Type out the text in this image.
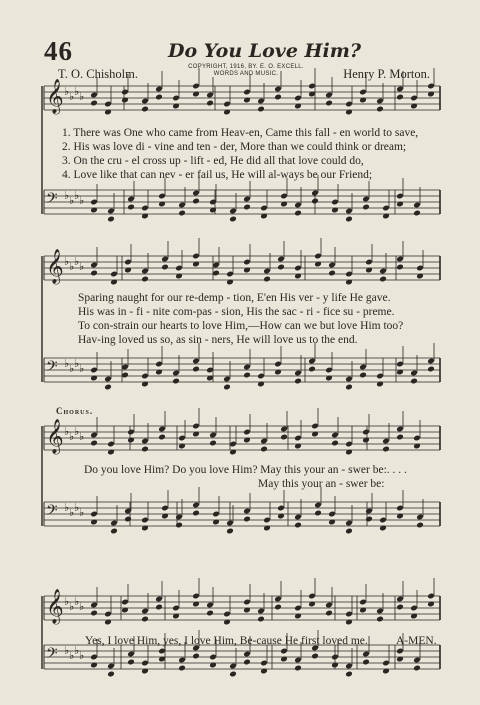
46	Do You Love Him?
T. O. Chisholm.	COPYRIGHT, 1916, BY. E. O. EXCELL.
WORDS AND MUSIC.	Henry P. Morton.
𝄞 ♭ ♭ ♭ ♭
𝄢 ♭ ♭ ♭ ♭
𝄞 ♭ ♭ ♭ ♭
𝄢 ♭ ♭ ♭ ♭
𝄞 ♭ ♭ ♭ ♭
𝄢 ♭ ♭ ♭ ♭
𝄞 ♭ ♭ ♭ ♭
𝄢 ♭ ♭ ♭ ♭
1. There was One who came from Heav-en, Came this fall - en world to save,
2. His was love di - vine and ten - der, More than we could think or dream;
3. On the cru - el cross up - lift - ed, He did all that love could do,
4. Love like that can nev - er fail us, He will al-ways be our Friend;
Sparing naught for our re-demp - tion, E'en His ver - y life He gave.
His was in - fi - nite com-pas - sion, His the sac - ri - fice su - preme.
To con-strain our hearts to love Him,—How can we but love Him too?
Hav-ing loved us so, as sin - ners, He will love us to the end.
Chorus.
Do you love Him? Do you love Him? May this your an - swer be:. . . .
May this your an - swer be:
Yes, I love Him, yes, I love Him, Be-cause He first loved me. A-MEN.
